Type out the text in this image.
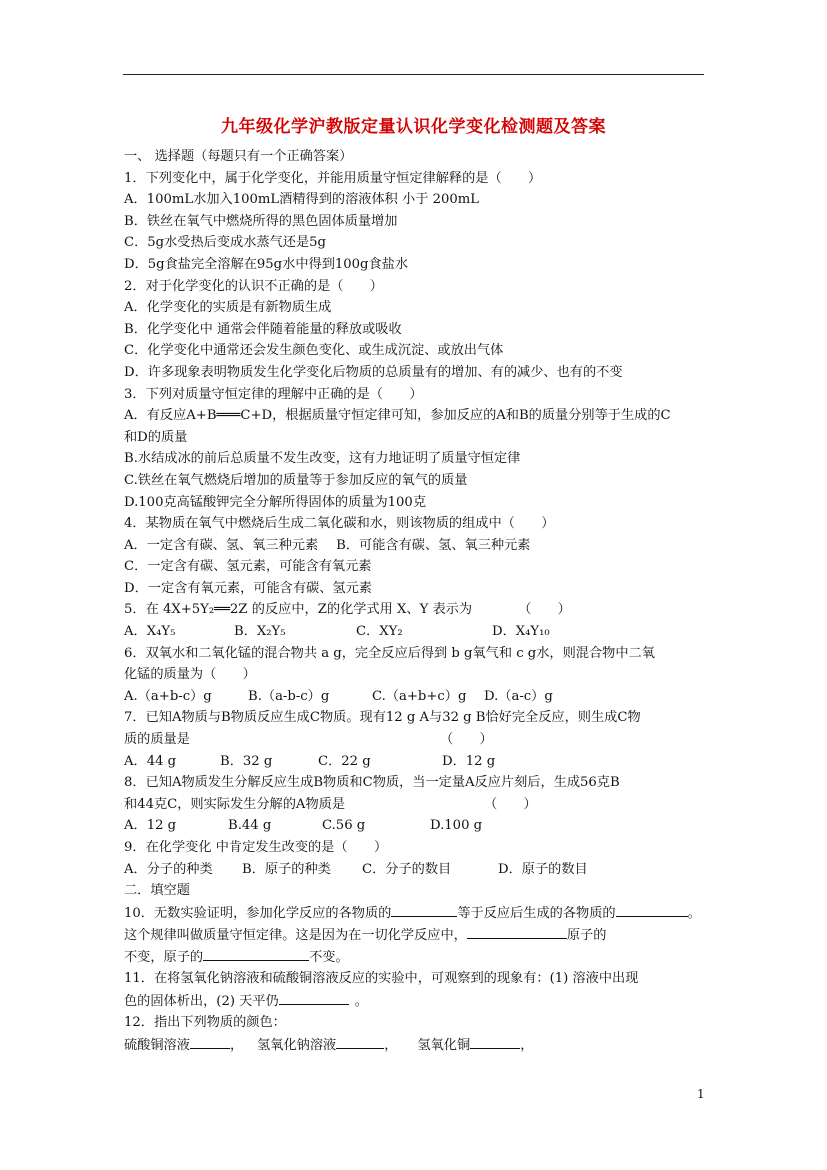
九年级化学沪教版定量认识化学变化检测题及答案
一、 选择题（每题只有一个正确答案）
1．下列变化中，属于化学变化，并能用质量守恒定律解释的是（　　）
A．100mL水加入100mL酒精得到的溶液体积 小于 200mL
B．铁丝在氧气中燃烧所得的黑色固体质量增加
C．5g水受热后变成水蒸气还是5g
D．5g食盐完全溶解在95g水中得到100g食盐水
2．对于化学变化的认识不正确的是（　　）
A．化学变化的实质是有新物质生成
B．化学变化中 通常会伴随着能量的释放或吸收
C．化学变化中通常还会发生颜色变化、或生成沉淀、或放出气体
D．许多现象表明物质发生化学变化后物质的总质量有的增加、有的减少、也有的不变
3．下列对质量守恒定律的理解中正确的是（　　）
A．有反应A+B═══C+D，根据质量守恒定律可知，参加反应的A和B的质量分别等于生成的C
和D的质量
B.水结成冰的前后总质量不发生改变，这有力地证明了质量守恒定律
C.铁丝在氧气燃烧后增加的质量等于参加反应的氧气的质量
D.100克高锰酸钾完全分解所得固体的质量为100克
4．某物质在氧气中燃烧后生成二氧化碳和水，则该物质的组成中（　　）
A．一定含有碳、氢、氧三种元素 B．可能含有碳、氢、氧三种元素
C．一定含有碳、氢元素，可能含有氧元素
D．一定含有氧元素，可能含有碳、氢元素
5．在 4X+5Y₂══2Z 的反应中，Z的化学式用 X、Y 表示为	（　　）
A．X₄Y₅	B．X₂Y₅	C．XY₂	D．X₄Y₁₀
6．双氧水和二氧化锰的混合物共 a g，完全反应后得到 b g氧气和 c g水，则混合物中二氧
化锰的质量为（　　）
A.（a+b-c）g	B.（a-b-c）g	C.（a+b+c）g D.（a-c）g
7．已知A物质与B物质反应生成C物质。现有12 g A与32 g B恰好完全反应，则生成C物
质的质量是	（　　）
A．44 g	B．32 g	C．22 g	D．12 g
8．已知A物质发生分解反应生成B物质和C物质，当一定量A反应片刻后，生成56克B
和44克C，则实际发生分解的A物质是	（　　）
A．12 g	B.44 g	C.56 g	D.100 g
9．在化学变化 中肯定发生改变的是（　　）
A．分子的种类 B．原子的种类 C．分子的数目	D．原子的数目
二．填空题
10．无数实验证明，参加化学反应的各物质的	等于反应后生成的各物质的	。
这个规律叫做质量守恒定律。这是因为在一切化学反应中，	原子的
不变，原子的	不变。
11．在将氢氧化钠溶液和硫酸铜溶液反应的实验中，可观察到的现象有：(1) 溶液中出现
色的固体析出，(2) 天平仍	。
12．指出下列物质的颜色：
硫酸铜溶液	， 氢氧化钠溶液	， 氢氧化铜	，
1
